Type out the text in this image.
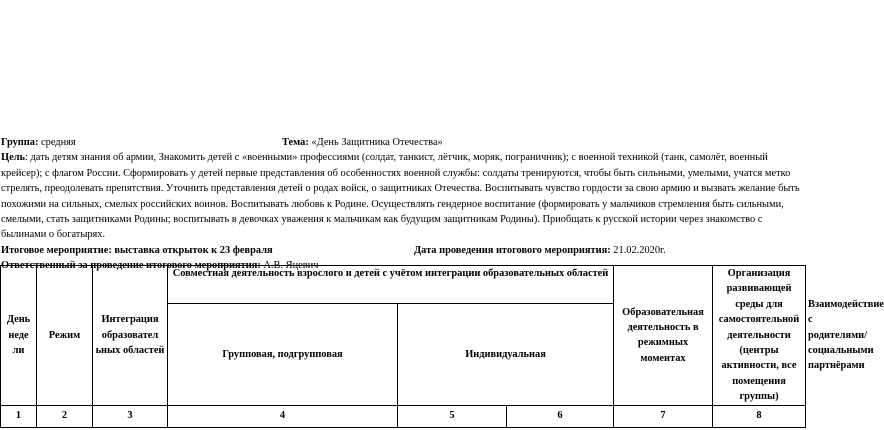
Группа: средняя	Тема: «День Защитника Отечества»

Цель: дать детям знания об армии, Знакомить детей с «военными» профессиями (солдат, танкист, лётчик, моряк, пограничник); с военной техникой (танк, самолёт, военный крейсер); с флагом России. Сформировать у детей первые представления об особенностях военной службы: солдаты тренируются, чтобы быть сильными, умелыми, учатся метко стрелять, преодолевать препятствия. Уточнить представления детей о родах войск, о защитниках Отечества. Воспитывать чувство гордости за свою армию и вызвать желание быть похожими на сильных, смелых российских воинов. Воспитывать любовь к Родине. Осуществлять гендерное воспитание (формировать у мальчиков стремления быть сильными, смелыми, стать защитниками Родины; воспитывать в девочках уважения к мальчикам как будущим защитникам Родины). Приобщать к русской истории через знакомство с былинами о богатырях.

Итоговое мероприятие: выставка открыток к 23 февраля	Дата проведения итогового мероприятия: 21.02.2020г.

Ответственный за проведение итогового мероприятия: А.В. Яцевич

День неде ли	Режим	Интеграция образовател ьных областей	Совместная деятельность взрослого и детей с учётом интеграции образовательных областей			Образовательная деятельность в режимных моментах	Организация развивающей среды для самостоятельной деятельности (центры активности, все помещения группы)	Взаимодействие с родителями/ социальными партнёрами
			Групповая, подгрупповая	Индивидуальная				
1	2	3	4	5	6	7	8	
